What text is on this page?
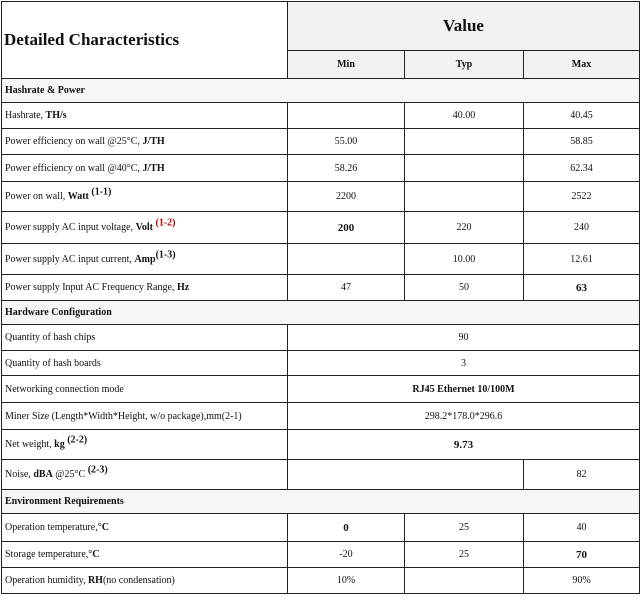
Detailed Characteristics	Value		
	Min	Typ	Max
Hashrate & Power			
Hashrate, TH/s		40.00	40.45
Power efficiency on wall @25°C, J/TH	55.00		58.85
Power efficiency on wall @40°C, J/TH	58.26		62.34
Power on wall, Watt (1-1)	2200		2522
Power supply AC input voltage, Volt (1-2)	200	220	240
Power supply AC input current, Amp(1-3)		10.00	12.61
Power supply Input AC Frequency Range, Hz	47	50	63
Hardware Configuration			
Quantity of hash chips	90		
Quantity of hash boards	3		
Networking connection mode	RJ45 Ethernet 10/100M		
Miner Size (Length*Width*Height, w/o package),mm(2-1)	298.2*178.0*296.6		
Net weight, kg (2-2)	9.73		
Noise, dBA @25°C (2-3)			82
Environment Requirements			
Operation temperature,°C	0	25	40
Storage temperature,°C	-20	25	70
Operation humidity, RH(no condensation)	10%		90%
